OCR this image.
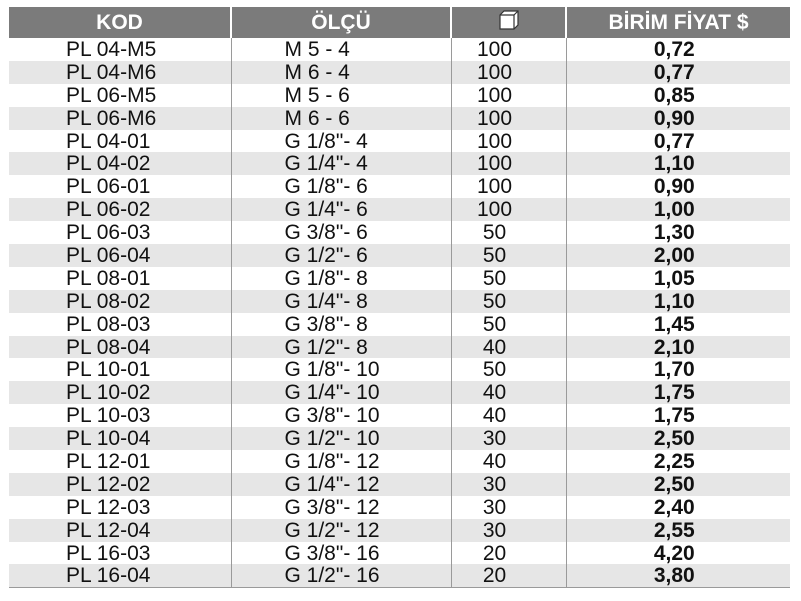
KOD	ÖLÇÜ		BİRİM FİYAT $
PL 04-M5	M 5 - 4	100	0,72
PL 04-M6	M 6 - 4	100	0,77
PL 06-M5	M 5 - 6	100	0,85
PL 06-M6	M 6 - 6	100	0,90
PL 04-01	G 1/8"- 4	100	0,77
PL 04-02	G 1/4"- 4	100	1,10
PL 06-01	G 1/8"- 6	100	0,90
PL 06-02	G 1/4"- 6	100	1,00
PL 06-03	G 3/8"- 6	50	1,30
PL 06-04	G 1/2"- 6	50	2,00
PL 08-01	G 1/8"- 8	50	1,05
PL 08-02	G 1/4"- 8	50	1,10
PL 08-03	G 3/8"- 8	50	1,45
PL 08-04	G 1/2"- 8	40	2,10
PL 10-01	G 1/8"- 10	50	1,70
PL 10-02	G 1/4"- 10	40	1,75
PL 10-03	G 3/8"- 10	40	1,75
PL 10-04	G 1/2"- 10	30	2,50
PL 12-01	G 1/8"- 12	40	2,25
PL 12-02	G 1/4"- 12	30	2,50
PL 12-03	G 3/8"- 12	30	2,40
PL 12-04	G 1/2"- 12	30	2,55
PL 16-03	G 3/8"- 16	20	4,20
PL 16-04	G 1/2"- 16	20	3,80
